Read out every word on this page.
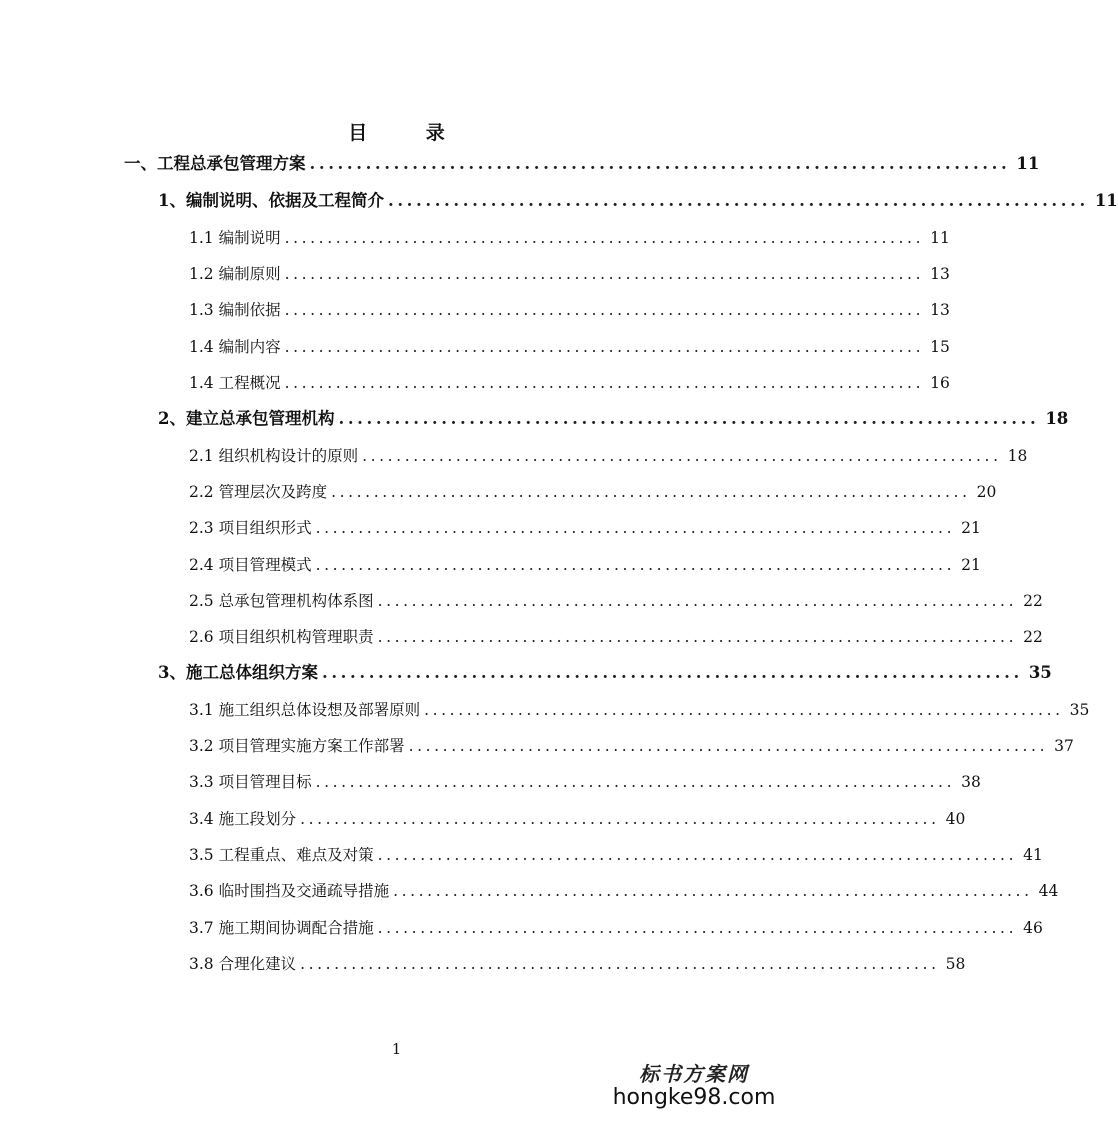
目 录
一、工程总承包管理方案 ........................................................................... 11
1、编制说明、依据及工程简介 ........................................................................... 11
1.1 编制说明 ........................................................................... 11
1.2 编制原则 ........................................................................... 13
1.3 编制依据 ........................................................................... 13
1.4 编制内容 ........................................................................... 15
1.4 工程概况 ........................................................................... 16
2、建立总承包管理机构 ........................................................................... 18
2.1 组织机构设计的原则 ........................................................................... 18
2.2 管理层次及跨度 ........................................................................... 20
2.3 项目组织形式 ........................................................................... 21
2.4 项目管理模式 ........................................................................... 21
2.5 总承包管理机构体系图 ........................................................................... 22
2.6 项目组织机构管理职责 ........................................................................... 22
3、施工总体组织方案 ........................................................................... 35
3.1 施工组织总体设想及部署原则 ........................................................................... 35
3.2 项目管理实施方案工作部署 ........................................................................... 37
3.3 项目管理目标 ........................................................................... 38
3.4 施工段划分 ........................................................................... 40
3.5 工程重点、难点及对策 ........................................................................... 41
3.6 临时围挡及交通疏导措施 ........................................................................... 44
3.7 施工期间协调配合措施 ........................................................................... 46
3.8 合理化建议 ........................................................................... 58
1
标书方案网
hongke98.com
